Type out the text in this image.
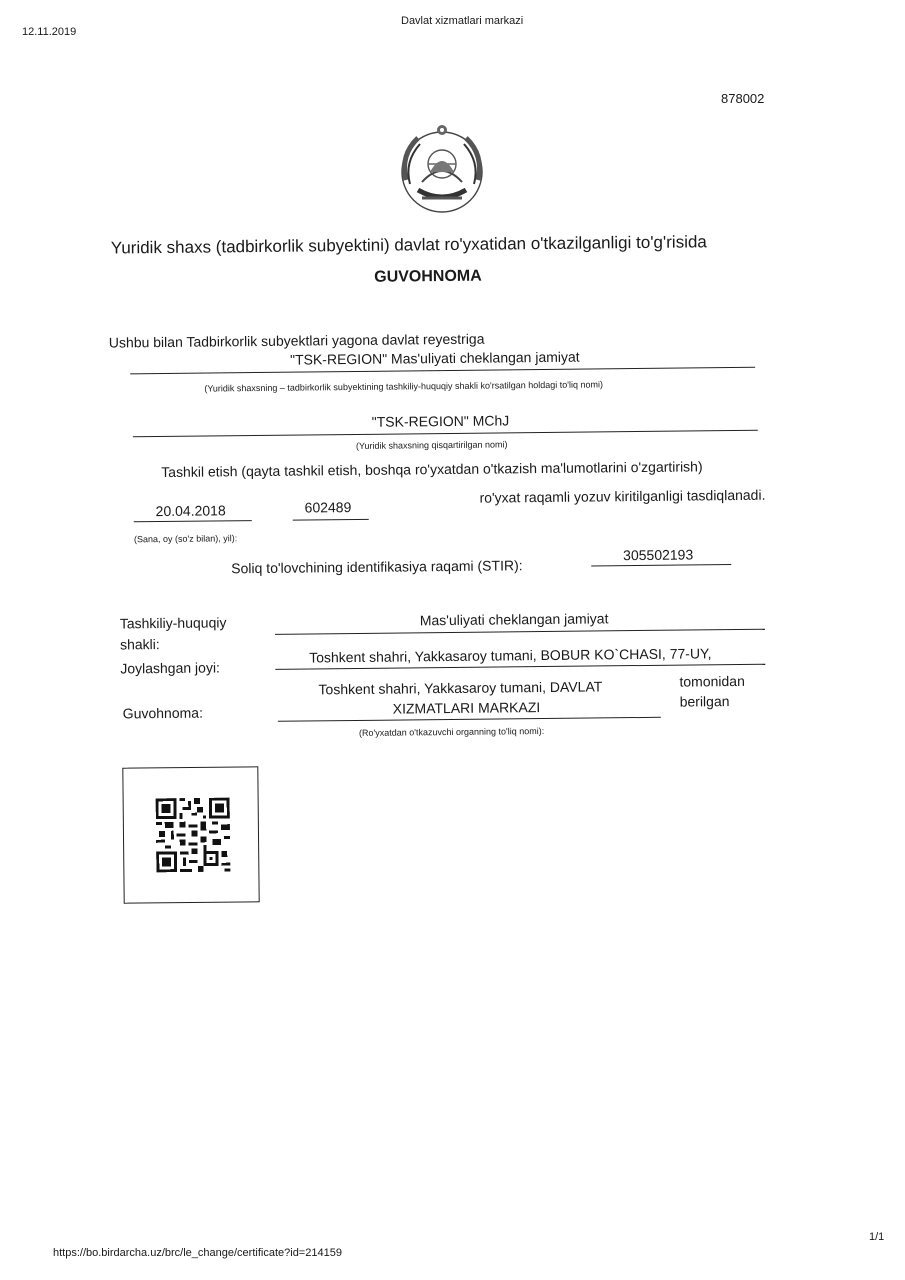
12.11.2019
Davlat xizmatlari markazi
878002
Yuridik shaxs (tadbirkorlik subyektini) davlat ro'yxatidan o'tkazilganligi to'g'risida
GUVOHNOMA
Ushbu bilan Tadbirkorlik subyektlari yagona davlat reyestriga
"TSK-REGION" Mas'uliyati cheklangan jamiyat
(Yuridik shaxsning – tadbirkorlik subyektining tashkiliy-huquqiy shakli ko'rsatilgan holdagi to'liq nomi)
"TSK-REGION" MChJ
(Yuridik shaxsning qisqartirilgan nomi)
Tashkil etish (qayta tashkil etish, boshqa ro'yxatdan o'tkazish ma'lumotlarini o'zgartirish)
20.04.2018	602489
ro'yxat raqamli yozuv kiritilganligi tasdiqlanadi.
(Sana, oy (so'z bilan), yil):
Soliq to'lovchining identifikasiya raqami (STIR):
305502193
Tashkiliy-huquqiy
shakli:
Mas'uliyati cheklangan jamiyat
Joylashgan joyi:
Toshkent shahri, Yakkasaroy tumani, BOBUR KO`CHASI, 77-UY,
Guvohnoma:
Toshkent shahri, Yakkasaroy tumani, DAVLAT
XIZMATLARI MARKAZI
tomonidan
berilgan
(Ro'yxatdan o'tkazuvchi organning to'liq nomi):
https://bo.birdarcha.uz/brc/le_change/certificate?id=214159
1/1
